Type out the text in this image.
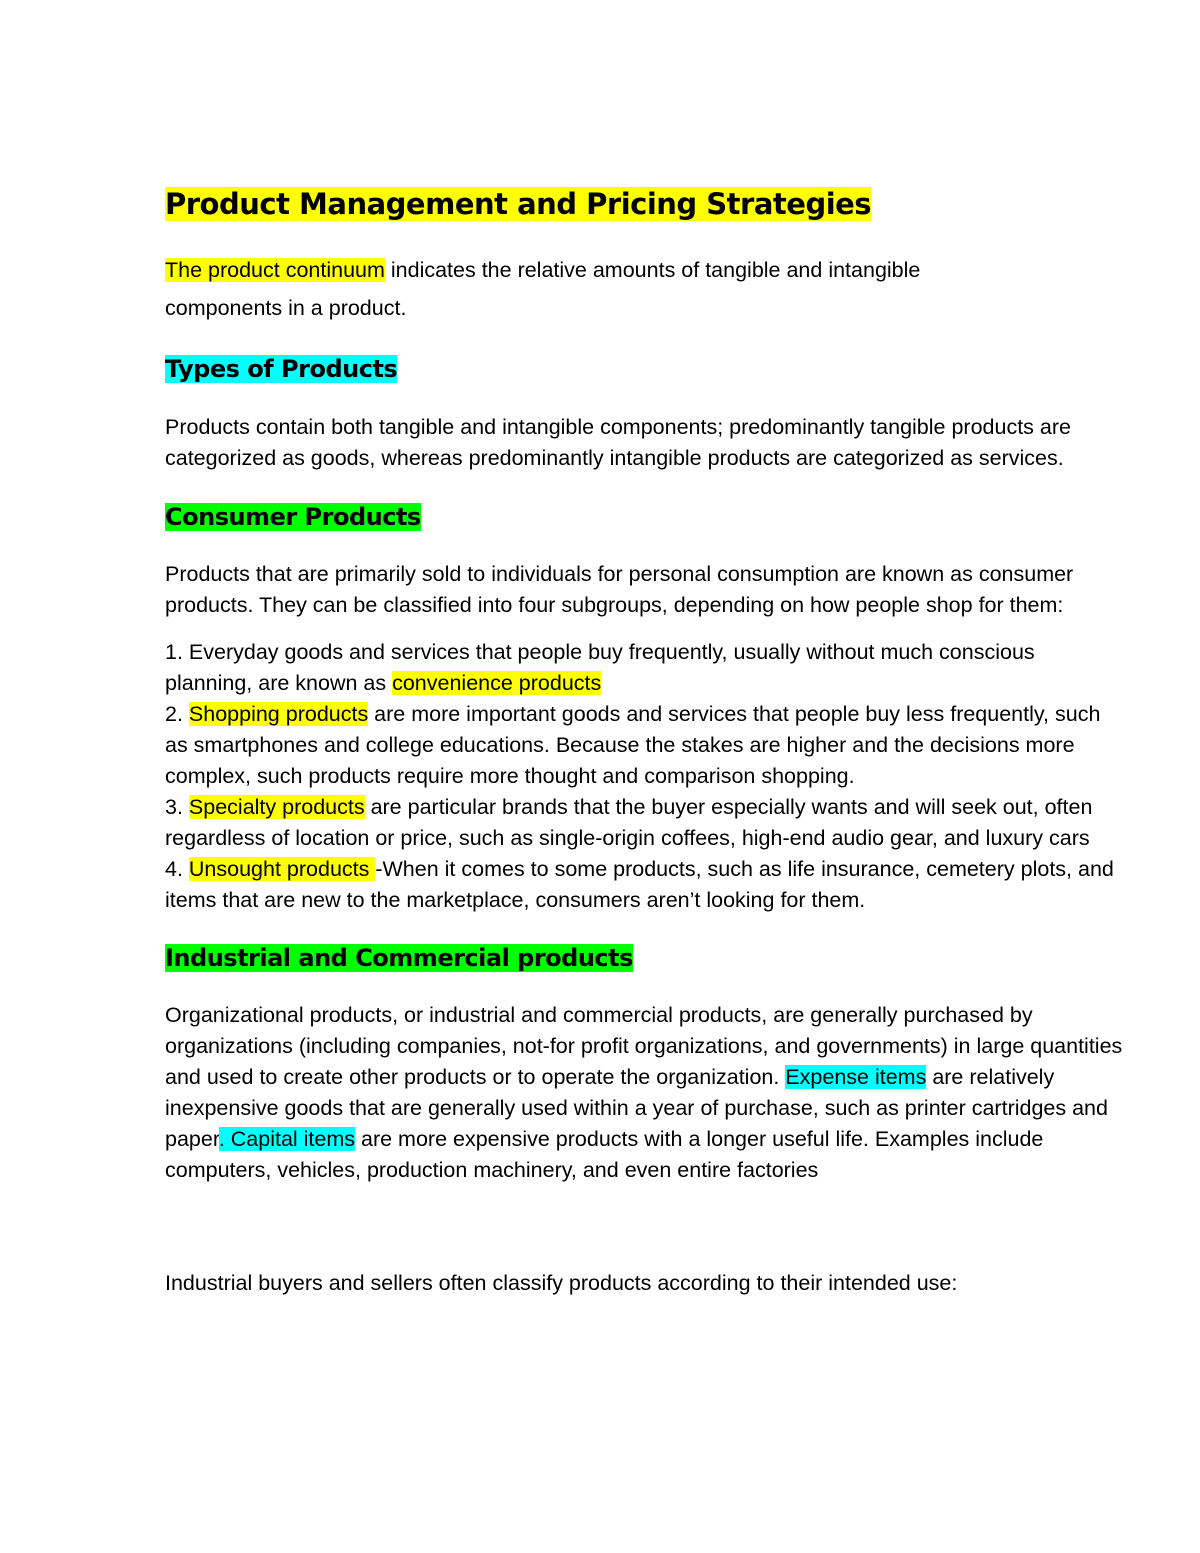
Product Management and Pricing Strategies

The product continuum indicates the relative amounts of tangible and intangible
components in a product.

Types of Products

Products contain both tangible and intangible components; predominantly tangible products are categorized as goods, whereas predominantly intangible products are categorized as services.

Consumer Products

Products that are primarily sold to individuals for personal consumption are known as consumer products. They can be classified into four subgroups, depending on how people shop for them:

1. Everyday goods and services that people buy frequently, usually without much conscious planning, are known as convenience products
2. Shopping products are more important goods and services that people buy less frequently, such as smartphones and college educations. Because the stakes are higher and the decisions more complex, such products require more thought and comparison shopping.
3. Specialty products are particular brands that the buyer especially wants and will seek out, often regardless of location or price, such as single-origin coffees, high-end audio gear, and luxury cars
4. Unsought products -When it comes to some products, such as life insurance, cemetery plots, and items that are new to the marketplace, consumers aren’t looking for them.

Industrial and Commercial products

Organizational products, or industrial and commercial products, are generally purchased by organizations (including companies, not-for profit organizations, and governments) in large quantities and used to create other products or to operate the organization. Expense items are relatively inexpensive goods that are generally used within a year of purchase, such as printer cartridges and paper. Capital items are more expensive products with a longer useful life. Examples include computers, vehicles, production machinery, and even entire factories

Industrial buyers and sellers often classify products according to their intended use:
